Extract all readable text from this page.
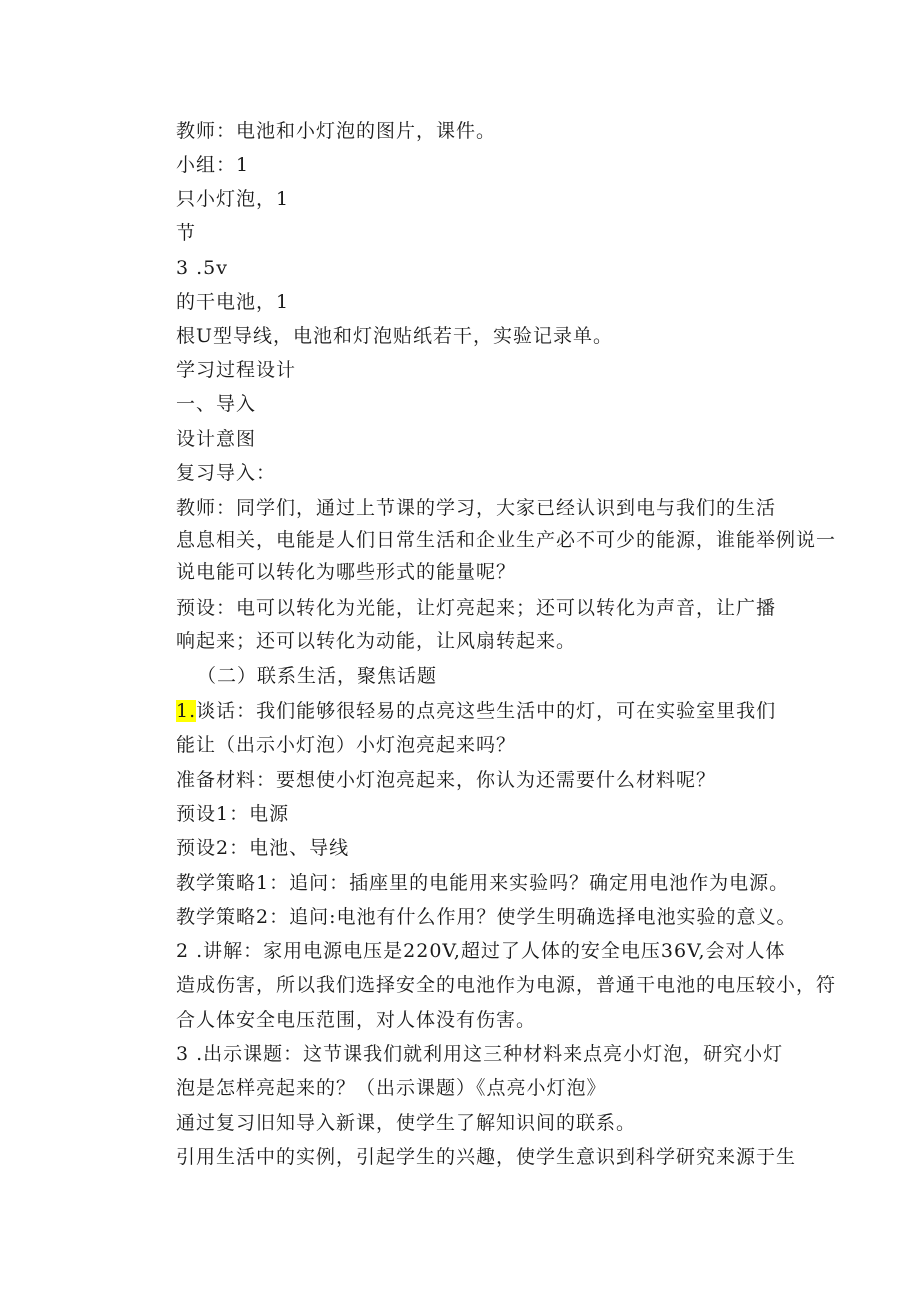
教师：电池和小灯泡的图片，课件。
小组：1
只小灯泡，1
节
3 .5v
的干电池，1
根U型导线，电池和灯泡贴纸若干，实验记录单。
学习过程设计
一、导入
设计意图
复习导入：
教师：同学们，通过上节课的学习，大家已经认识到电与我们的生活
息息相关，电能是人们日常生活和企业生产必不可少的能源，谁能举例说一
说电能可以转化为哪些形式的能量呢？
预设：电可以转化为光能，让灯亮起来；还可以转化为声音，让广播
响起来；还可以转化为动能，让风扇转起来。
（二）联系生活，聚焦话题
1.谈话：我们能够很轻易的点亮这些生活中的灯，可在实验室里我们
能让（出示小灯泡）小灯泡亮起来吗？
准备材料：要想使小灯泡亮起来，你认为还需要什么材料呢？
预设1：电源
预设2：电池、导线
教学策略1：追问：插座里的电能用来实验吗？确定用电池作为电源。
教学策略2：追问:电池有什么作用？使学生明确选择电池实验的意义。
2 .讲解：家用电源电压是220V,超过了人体的安全电压36V,会对人体
造成伤害，所以我们选择安全的电池作为电源，普通干电池的电压较小，符
合人体安全电压范围，对人体没有伤害。
3 .出示课题：这节课我们就利用这三种材料来点亮小灯泡，研究小灯
泡是怎样亮起来的？（出示课题）《点亮小灯泡》
通过复习旧知导入新课，使学生了解知识间的联系。
引用生活中的实例，引起学生的兴趣，使学生意识到科学研究来源于生
